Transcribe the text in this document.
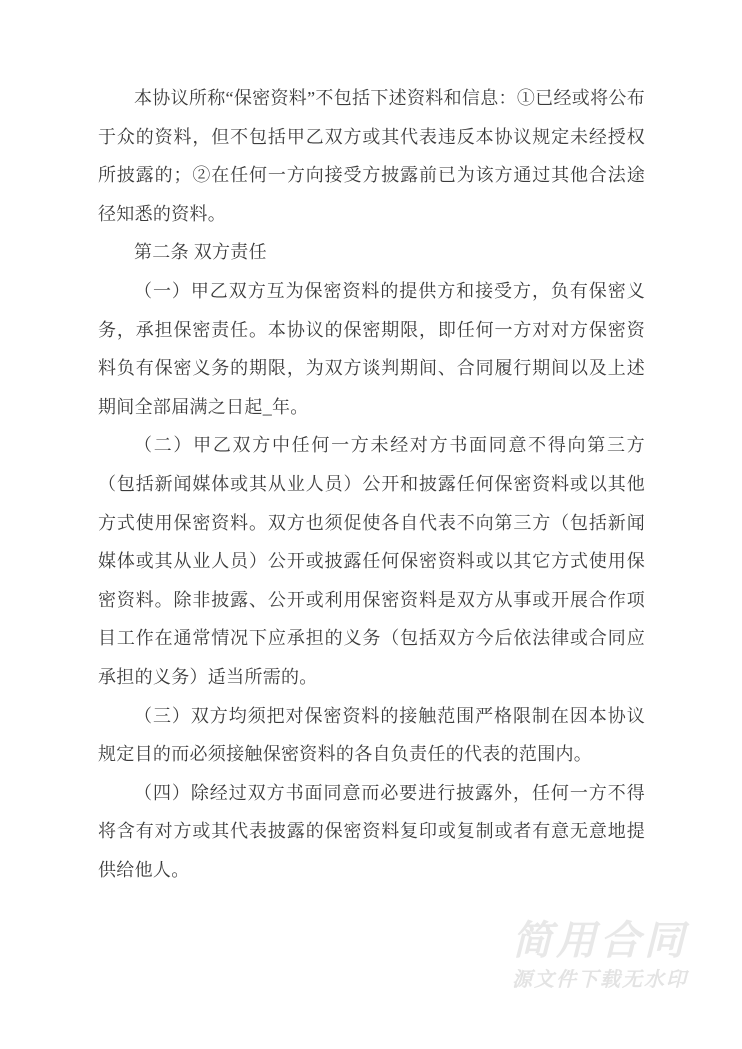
本协议所称“保密资料”不包括下述资料和信息：①已经或将公布于众的资料，但不包括甲乙双方或其代表违反本协议规定未经授权所披露的；②在任何一方向接受方披露前已为该方通过其他合法途径知悉的资料。

第二条 双方责任

（一）甲乙双方互为保密资料的提供方和接受方，负有保密义务，承担保密责任。本协议的保密期限，即任何一方对对方保密资料负有保密义务的期限，为双方谈判期间、合同履行期间以及上述期间全部届满之日起_年。

（二）甲乙双方中任何一方未经对方书面同意不得向第三方（包括新闻媒体或其从业人员）公开和披露任何保密资料或以其他方式使用保密资料。双方也须促使各自代表不向第三方（包括新闻媒体或其从业人员）公开或披露任何保密资料或以其它方式使用保密资料。除非披露、公开或利用保密资料是双方从事或开展合作项目工作在通常情况下应承担的义务（包括双方今后依法律或合同应承担的义务）适当所需的。

（三）双方均须把对保密资料的接触范围严格限制在因本协议规定目的而必须接触保密资料的各自负责任的代表的范围内。

（四）除经过双方书面同意而必要进行披露外，任何一方不得将含有对方或其代表披露的保密资料复印或复制或者有意无意地提供给他人。

简用合同
源文件下载无水印
